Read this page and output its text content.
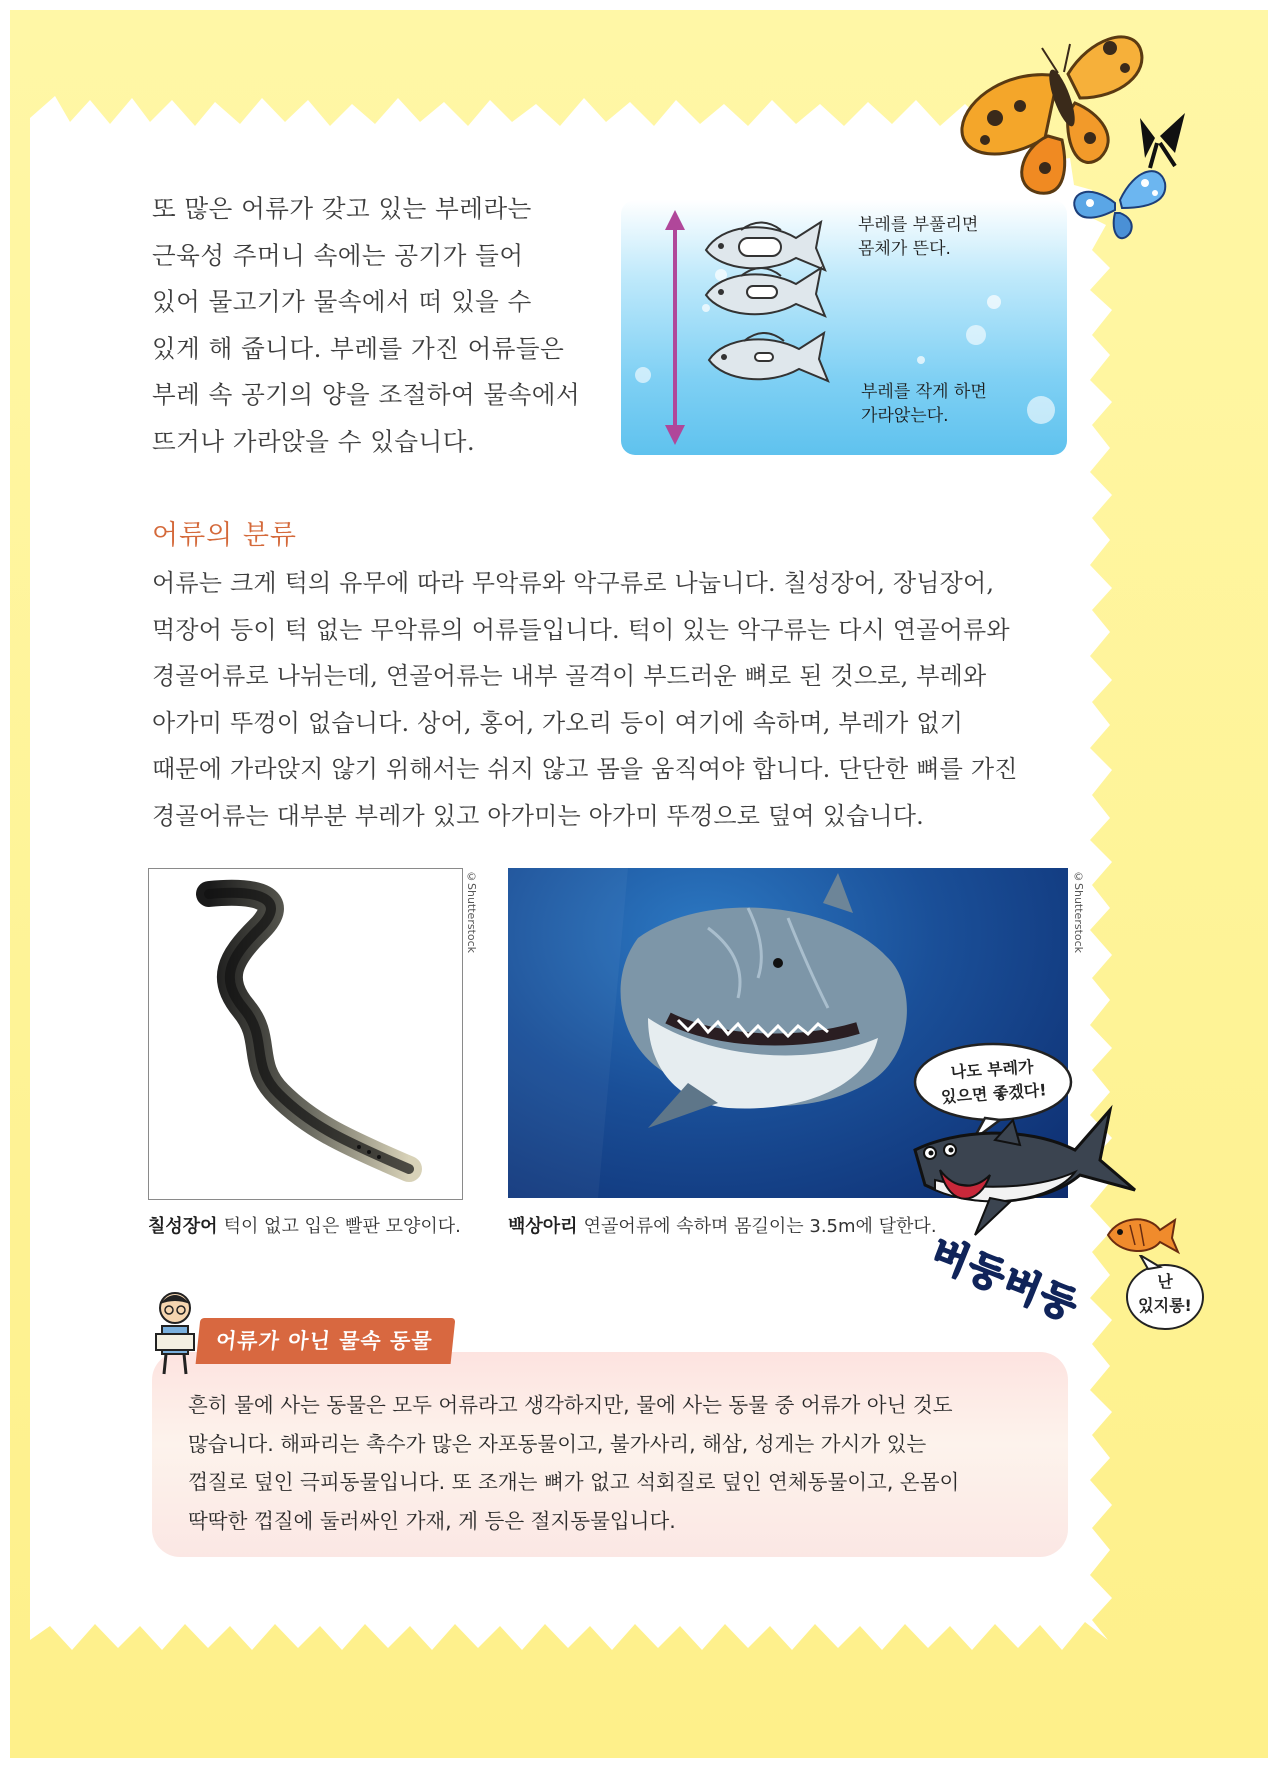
또 많은 어류가 갖고 있는 부레라는
근육성 주머니 속에는 공기가 들어
있어 물고기가 물속에서 떠 있을 수
있게 해 줍니다. 부레를 가진 어류들은
부레 속 공기의 양을 조절하여 물속에서
뜨거나 가라앉을 수 있습니다.

부레를 부풀리면
몸체가 뜬다.
부레를 작게 하면
가라앉는다.
어류의 분류
어류는 크게 턱의 유무에 따라 무악류와 악구류로 나눕니다. 칠성장어, 장님장어,
먹장어 등이 턱 없는 무악류의 어류들입니다. 턱이 있는 악구류는 다시 연골어류와
경골어류로 나뉘는데, 연골어류는 내부 골격이 부드러운 뼈로 된 것으로, 부레와
아가미 뚜껑이 없습니다. 상어, 홍어, 가오리 등이 여기에 속하며, 부레가 없기
때문에 가라앉지 않기 위해서는 쉬지 않고 몸을 움직여야 합니다. 단단한 뼈를 가진
경골어류는 대부분 부레가 있고 아가미는 아가미 뚜껑으로 덮여 있습니다.
©Shutterstock	©Shutterstock
칠성장어 턱이 없고 입은 빨판 모양이다.	백상아리 연골어류에 속하며 몸길이는 3.5m에 달한다.
나도 부레가
있으면 좋겠다!
버둥버둥	난
있지롱!
어류가 아닌 물속 동물
흔히 물에 사는 동물은 모두 어류라고 생각하지만, 물에 사는 동물 중 어류가 아닌 것도
많습니다. 해파리는 촉수가 많은 자포동물이고, 불가사리, 해삼, 성게는 가시가 있는
껍질로 덮인 극피동물입니다. 또 조개는 뼈가 없고 석회질로 덮인 연체동물이고, 온몸이
딱딱한 껍질에 둘러싸인 가재, 게 등은 절지동물입니다.
